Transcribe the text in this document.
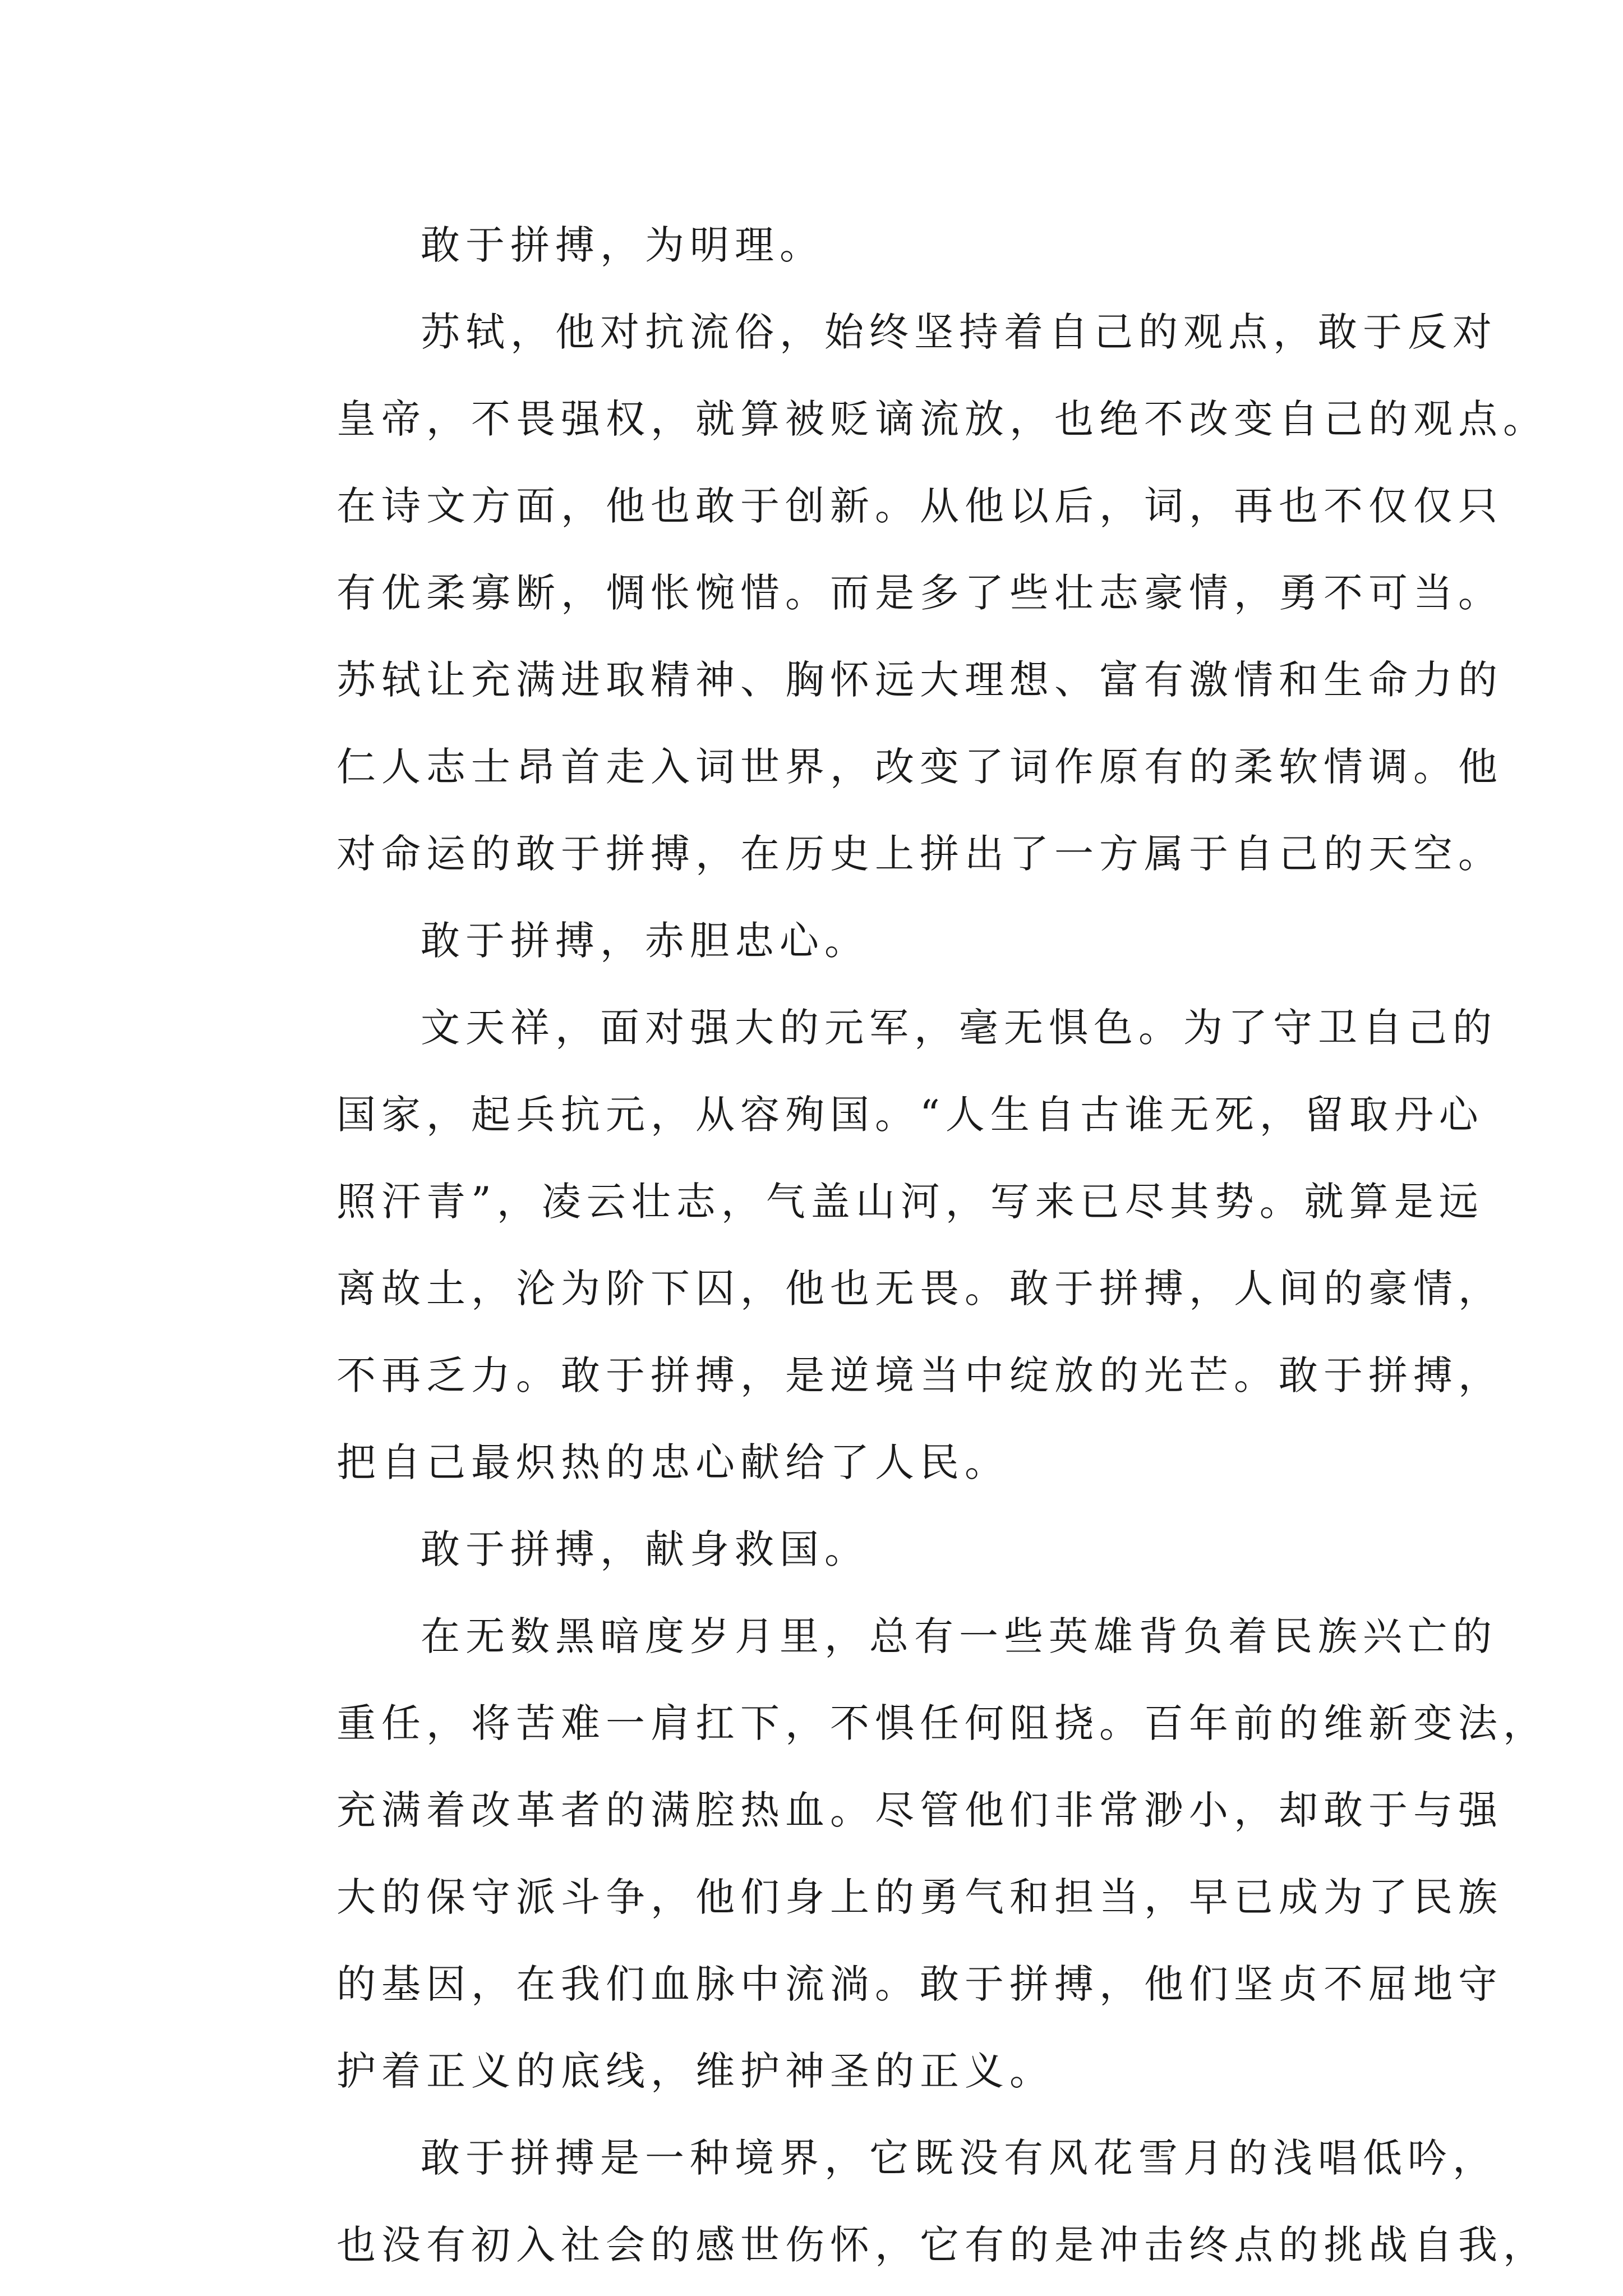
敢于拼搏，为明理。
苏轼，他对抗流俗，始终坚持着自己的观点，敢于反对
皇帝，不畏强权，就算被贬谪流放，也绝不改变自己的观点。
在诗文方面，他也敢于创新。从他以后，词，再也不仅仅只
有优柔寡断，惆怅惋惜。而是多了些壮志豪情，勇不可当。
苏轼让充满进取精神、胸怀远大理想、富有激情和生命力的
仁人志士昂首走入词世界，改变了词作原有的柔软情调。他
对命运的敢于拼搏，在历史上拼出了一方属于自己的天空。
敢于拼搏，赤胆忠心。
文天祥，面对强大的元军，毫无惧色。为了守卫自己的
国家，起兵抗元，从容殉国。“人生自古谁无死，留取丹心
照汗青”，凌云壮志，气盖山河，写来已尽其势。就算是远
离故土，沦为阶下囚，他也无畏。敢于拼搏，人间的豪情，
不再乏力。敢于拼搏，是逆境当中绽放的光芒。敢于拼搏，
把自己最炽热的忠心献给了人民。
敢于拼搏，献身救国。
在无数黑暗度岁月里，总有一些英雄背负着民族兴亡的
重任，将苦难一肩扛下，不惧任何阻挠。百年前的维新变法，
充满着改革者的满腔热血。尽管他们非常渺小，却敢于与强
大的保守派斗争，他们身上的勇气和担当，早已成为了民族
的基因，在我们血脉中流淌。敢于拼搏，他们坚贞不屈地守
护着正义的底线，维护神圣的正义。
敢于拼搏是一种境界，它既没有风花雪月的浅唱低吟，
也没有初入社会的感世伤怀，它有的是冲击终点的挑战自我，
